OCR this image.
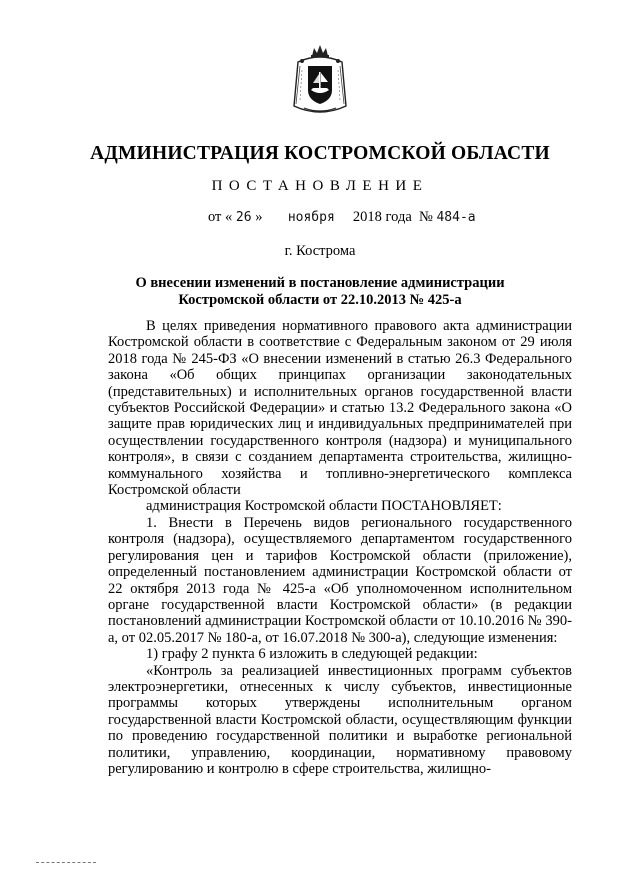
АДМИНИСТРАЦИЯ КОСТРОМСКОЙ ОБЛАСТИ
ПОСТАНОВЛЕНИЕ
от « 26 » ноября 2018 года № 484-а
г. Кострома
О внесении изменений в постановление администрации
Костромской области от 22.10.2013 № 425-а

В целях приведения нормативного правового акта администрации Костромской области в соответствие с Федеральным законом от 29 июля 2018 года № 245-ФЗ «О внесении изменений в статью 26.3 Федерального закона «Об общих принципах организации законодательных (представительных) и исполнительных органов государственной власти субъектов Российской Федерации» и статью 13.2 Федерального закона «О защите прав юридических лиц и индивидуальных предпринимателей при осуществлении государственного контроля (надзора) и муниципального контроля», в связи с созданием департамента строительства, жилищно-коммунального хозяйства и топливно-энергетического комплекса Костромской области

администрация Костромской области ПОСТАНОВЛЯЕТ:

1. Внести в Перечень видов регионального государственного контроля (надзора), осуществляемого департаментом государственного регулирования цен и тарифов Костромской области (приложение), определенный постановлением администрации Костромской области от 22 октября 2013 года № 425-а «Об уполномоченном исполнительном органе государственной власти Костромской области» (в редакции постановлений администрации Костромской области от 10.10.2016 № 390-а, от 02.05.2017 № 180-а, от 16.07.2018 № 300-а), следующие изменения:

1) графу 2 пункта 6 изложить в следующей редакции:

«Контроль за реализацией инвестиционных программ субъектов электроэнергетики, отнесенных к числу субъектов, инвестиционные программы которых утверждены исполнительным органом государственной власти Костромской области, осуществляющим функции по проведению государственной политики и выработке региональной политики, управлению, координации, нормативному правовому регулированию и контролю в сфере строительства, жилищно-
